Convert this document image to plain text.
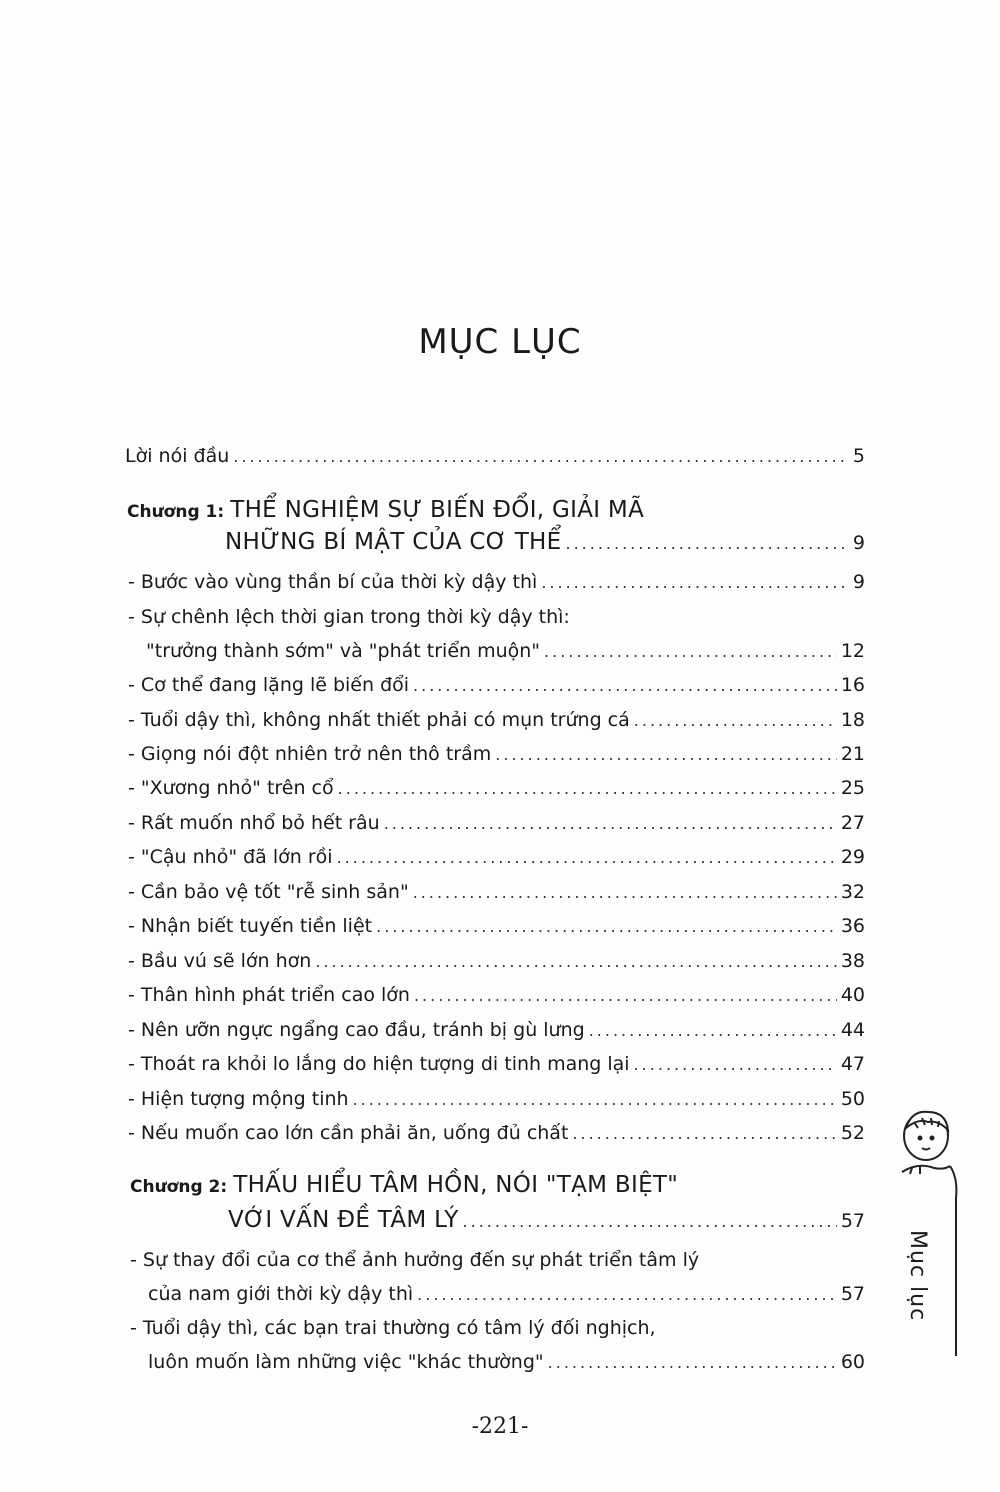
MỤC LỤC
Lời nói đầu .....	5
Chương 1: THỂ NGHIỆM SỰ BIẾN ĐỔI, GIẢI MÃ
NHỮNG BÍ MẬT CỦA CƠ THỂ .....	9
- Bước vào vùng thần bí của thời kỳ dậy thì .....	9
- Sự chênh lệch thời gian trong thời kỳ dậy thì:
"trưởng thành sớm" và "phát triển muộn" .....	12
- Cơ thể đang lặng lẽ biến đổi .....	16
- Tuổi dậy thì, không nhất thiết phải có mụn trứng cá .....	18
- Giọng nói đột nhiên trở nên thô trầm .....	21
- "Xương nhỏ" trên cổ .....	25
- Rất muốn nhổ bỏ hết râu .....	27
- "Cậu nhỏ" đã lớn rồi .....	29
- Cần bảo vệ tốt "rễ sinh sản" .....	32
- Nhận biết tuyến tiền liệt .....	36
- Bầu vú sẽ lớn hơn .....	38
- Thân hình phát triển cao lớn .....	40
- Nên ưỡn ngực ngẩng cao đầu, tránh bị gù lưng .....	44
- Thoát ra khỏi lo lắng do hiện tượng di tinh mang lại .....	47
- Hiện tượng mộng tinh .....	50
- Nếu muốn cao lớn cần phải ăn, uống đủ chất .....	52
Chương 2: THẤU HIỂU TÂM HỒN, NÓI "TẠM BIỆT"
VỚI VẤN ĐỀ TÂM LÝ .....	57
- Sự thay đổi của cơ thể ảnh hưởng đến sự phát triển tâm lý
của nam giới thời kỳ dậy thì .....	57
- Tuổi dậy thì, các bạn trai thường có tâm lý đối nghịch,
luôn muốn làm những việc "khác thường" .....	60
Mục lục
-221-
